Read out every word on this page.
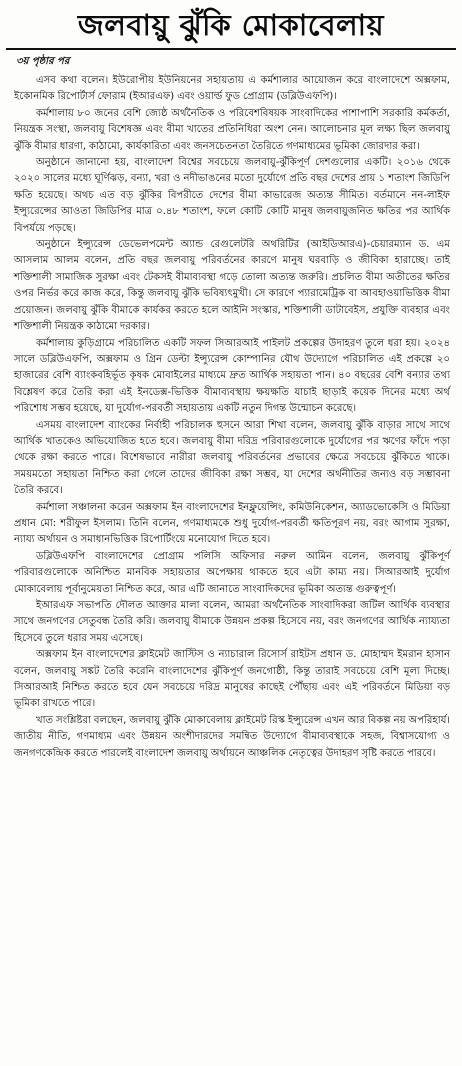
জলবায়ু ঝুঁকি মোকাবেলায়
৩য় পৃষ্ঠার পর

এসব কথা বলেন। ইউরোপীয় ইউনিয়নের সহায়তায় এ কর্মশালার আয়োজন করে বাংলাদেশে অক্সফাম, ইকোনমিক রিপোর্টার্স ফোরাম (ইআরএফ) এবং ওয়ার্ল্ড ফুড প্রোগ্রাম (ডব্লিউএফপি)।

কর্মশালায় ৮০ জনের বেশি জ্যেষ্ঠ অর্থনৈতিক ও পরিবেশবিষয়ক সাংবাদিকের পাশাপাশি সরকারি কর্মকর্তা, নিয়ন্ত্রক সংস্থা, জলবায়ু বিশেষজ্ঞ এবং বীমা খাতের প্রতিনিধিরা অংশ নেন। আলোচনার মূল লক্ষ্য ছিল জলবায়ু ঝুঁকি বীমার ধারণা, কাঠামো, কার্যকারিতা এবং জনসচেতনতা তৈরিতে গণমাধ্যমের ভূমিকা জোরদার করা।

অনুষ্ঠানে জানানো হয়, বাংলাদেশ বিশ্বের সবচেয়ে জলবায়ু-ঝুঁকিপূর্ণ দেশগুলোর একটি। ২০১৬ থেকে ২০২০ সালের মধ্যে ঘূর্ণিঝড়, বন্যা, খরা ও নদীভাঙনের মতো দুর্যোগে প্রতি বছর দেশের প্রায় ১ শতাংশ জিডিপি ক্ষতি হয়েছে। অথচ এত বড় ঝুঁকির বিপরীতে দেশের বীমা কাভারেজ অত্যন্ত সীমিত। বর্তমানে নন-লাইফ ইন্স্যুরেন্সের আওতা জিডিপির মাত্র ০.৪৮ শতাংশ, ফলে কোটি কোটি মানুষ জলবায়ুজনিত ক্ষতির পর আর্থিক বিপর্যয়ে পড়ছে।

অনুষ্ঠানে ইন্স্যুরেন্স ডেভেলপমেন্ট অ্যান্ড রেগুলেটরি অথরিটির (আইডিআরএ)-চেয়ারম্যান ড. এম আসলাম আলম বলেন, প্রতি বছর জলবায়ু পরিবর্তনের কারণে মানুষ ঘরবাড়ি ও জীবিকা হারাচ্ছে। তাই শক্তিশালী সামাজিক সুরক্ষা এবং টেকসই বীমাব্যবস্থা গড়ে তোলা অত্যন্ত জরুরি। প্রচলিত বীমা অতীতের ক্ষতির ওপর নির্ভর করে কাজ করে, কিন্তু জলবায়ু ঝুঁকি ভবিষ্যৎমুখী। সে কারণে প্যারামেট্রিক বা আবহাওয়াভিত্তিক বীমা প্রয়োজন। জলবায়ু ঝুঁকি বীমাকে কার্যকর করতে হলে আইনি সংস্কার, শক্তিশালী ডাটাবেইস, প্রযুক্তি ব্যবহার এবং শক্তিশালী নিয়ন্ত্রক কাঠামো দরকার।

কর্মশালায় কুড়িগ্রামে পরিচালিত একটি সফল সিআরআই পাইলট প্রকল্পের উদাহরণ তুলে ধরা হয়। ২০২৪ সালে ডব্লিউএফপি, অক্সফাম ও গ্রিন ডেল্টা ইন্স্যুরেন্স কোম্পানির যৌথ উদ্যোগে পরিচালিত এই প্রকল্পে ২০ হাজারের বেশি ব্যাংকবহির্ভূত কৃষক মোবাইলের মাধ্যমে দ্রুত আর্থিক সহায়তা পান। ৪০ বছরের বেশি বন্যার তথ্য বিশ্লেষণ করে তৈরি করা এই ইনডেক্স-ভিত্তিক বীমাব্যবস্থায় ক্ষয়ক্ষতি যাচাই ছাড়াই কয়েক দিনের মধ্যে অর্থ পরিশোধ সম্ভব হয়েছে, যা দুর্যোগ-পরবর্তী সহায়তায় একটি নতুন দিগন্ত উন্মোচন করেছে।

এসময় বাংলাদেশ ব্যাংকের নির্বাহী পরিচালক হুসনে আরা শিখা বলেন, জলবায়ু ঝুঁকি বাড়ার সাথে সাথে আর্থিক খাতকেও অভিযোজিত হতে হবে। জলবায়ু বীমা দরিদ্র পরিবারগুলোকে দুর্যোগের পর ঋণের ফাঁদে পড়া থেকে রক্ষা করতে পারে। বিশেষভাবে নারীরা জলবায়ু পরিবর্তনের প্রভাবের ক্ষেত্রে সবচেয়ে ঝুঁকিতে থাকে। সময়মতো সহায়তা নিশ্চিত করা গেলে তাদের জীবিকা রক্ষা সম্ভব, যা দেশের অর্থনীতির জন্যও বড় সম্ভাবনা তৈরি করবে।

কর্মশালা সঞ্চালনা করেন অক্সফাম ইন বাংলাদেশের ইনফ্লুয়েন্সিং, কমিউনিকেশন, অ্যাডভোকেসি ও মিডিয়া প্রধান মো: শরীফুল ইসলাম। তিনি বলেন, গণমাধ্যমকে শুধু দুর্যোগ-পরবর্তী ক্ষতিপূরণ নয়, বরং আগাম সুরক্ষা, ন্যায্য অর্থায়ন ও সমাধানভিত্তিক রিপোর্টিংয়ে মনোযোগ দিতে হবে।

ডব্লিউএফপি বাংলাদেশের প্রোগ্রাম পলিসি অফিসার নরুল আমিন বলেন, জলবায়ু ঝুঁকিপূর্ণ পরিবারগুলোকে অনিশ্চিত মানবিক সহায়তার অপেক্ষায় থাকতে হবে এটা কাম্য নয়। সিআরআই দুর্যোগ মোকাবেলায় পূর্বানুমেয়তা নিশ্চিত করে, আর এটি জানাতে সাংবাদিকদের ভূমিকা অত্যন্ত গুরুত্বপূর্ণ।

ইআরএফ সভাপতি দৌলত আক্তার মালা বলেন, আমরা অর্থনৈতিক সাংবাদিকরা জটিল আর্থিক ব্যবস্থার সাথে জনগণের সেতুবন্ধ তৈরি করি। জলবায়ু বীমাকে উন্নয়ন প্রকল্প হিসেবে নয়, বরং জনগণের আর্থিক ন্যায্যতা হিসেবে তুলে ধরার সময় এসেছে।

অক্সফাম ইন বাংলাদেশের ক্লাইমেট জাস্টিস ও ন্যাচারাল রিসোর্স রাইটস প্রধান ড. মোহাম্মদ ইমরান হাসান বলেন, জলবায়ু সঙ্কট তৈরি করেনি বাংলাদেশের ঝুঁকিপূর্ণ জনগোষ্ঠী, কিন্তু তারাই সবচেয়ে বেশি মূল্য দিচ্ছে। সিআরআই নিশ্চিত করতে হবে যেন সবচেয়ে দরিদ্র মানুষের কাছেই পৌঁছায় এবং এই পরিবর্তনে মিডিয়া বড় ভূমিকা রাখতে পারে।

খাত সংশ্লিষ্টরা বলছেন, জলবায়ু ঝুঁকি মোকাবেলায় ক্লাইমেট রিস্ক ইন্স্যুরেন্স এখন আর বিকল্প নয় অপরিহার্য। জাতীয় নীতি, গণমাধ্যম এবং উন্নয়ন অংশীদারদের সমন্বিত উদ্যোগে বীমাব্যবস্থাকে সহজ, বিশ্বাসযোগ্য ও জনগণকেন্দ্রিক করতে পারলেই বাংলাদেশ জলবায়ু অর্থায়নে আঞ্চলিক নেতৃত্বের উদাহরণ সৃষ্টি করতে পারবে।
